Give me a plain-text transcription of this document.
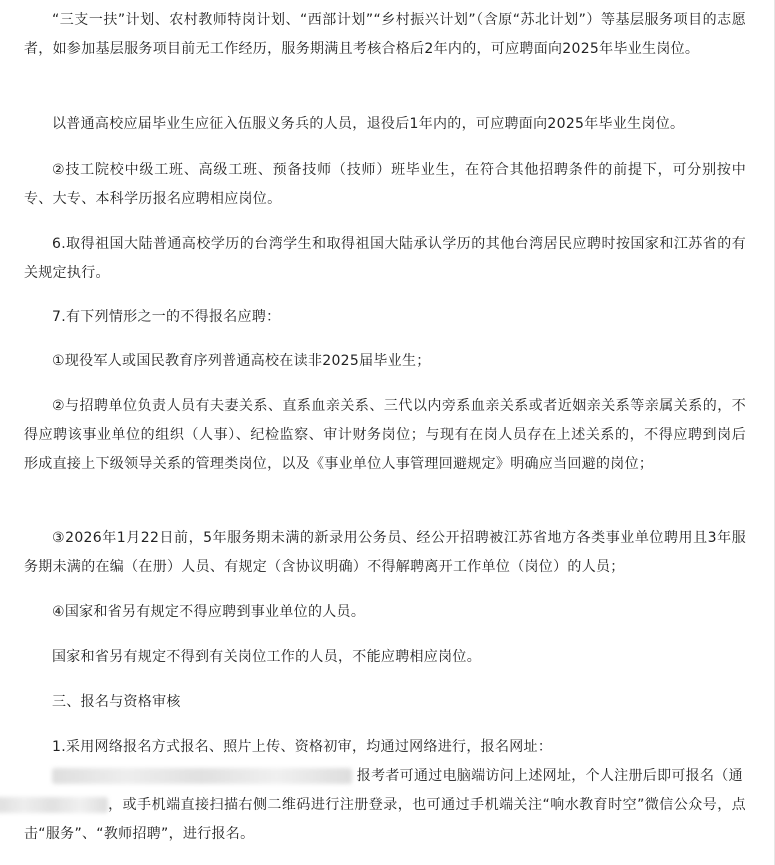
“三支一扶”计划、农村教师特岗计划、“西部计划”“乡村振兴计划”（含原“苏北计划”）等基层服务项目的志愿者，如参加基层服务项目前无工作经历，服务期满且考核合格后2年内的，可应聘面向2025年毕业生岗位。

以普通高校应届毕业生应征入伍服义务兵的人员，退役后1年内的，可应聘面向2025年毕业生岗位。

②技工院校中级工班、高级工班、预备技师（技师）班毕业生，在符合其他招聘条件的前提下，可分别按中专、大专、本科学历报名应聘相应岗位。

6.取得祖国大陆普通高校学历的台湾学生和取得祖国大陆承认学历的其他台湾居民应聘时按国家和江苏省的有关规定执行。

7.有下列情形之一的不得报名应聘：

①现役军人或国民教育序列普通高校在读非2025届毕业生；

②与招聘单位负责人员有夫妻关系、直系血亲关系、三代以内旁系血亲关系或者近姻亲关系等亲属关系的，不得应聘该事业单位的组织（人事）、纪检监察、审计财务岗位；与现有在岗人员存在上述关系的，不得应聘到岗后形成直接上下级领导关系的管理类岗位，以及《事业单位人事管理回避规定》明确应当回避的岗位；

③2026年1月22日前，5年服务期未满的新录用公务员、经公开招聘被江苏省地方各类事业单位聘用且3年服务期未满的在编（在册）人员、有规定（含协议明确）不得解聘离开工作单位（岗位）的人员；

④国家和省另有规定不得应聘到事业单位的人员。

国家和省另有规定不得到有关岗位工作的人员，不能应聘相应岗位。

三、报名与资格审核

1.采用网络报名方式报名、照片上传、资格初审，均通过网络进行，报名网址：

报考者可通过电脑端访问上述网址，个人注册后即可报名（通
，或手机端直接扫描右侧二维码进行注册登录，也可通过手机端关注“响水教育时空”微信公众号，点击“服务”、“教师招聘”，进行报名。
